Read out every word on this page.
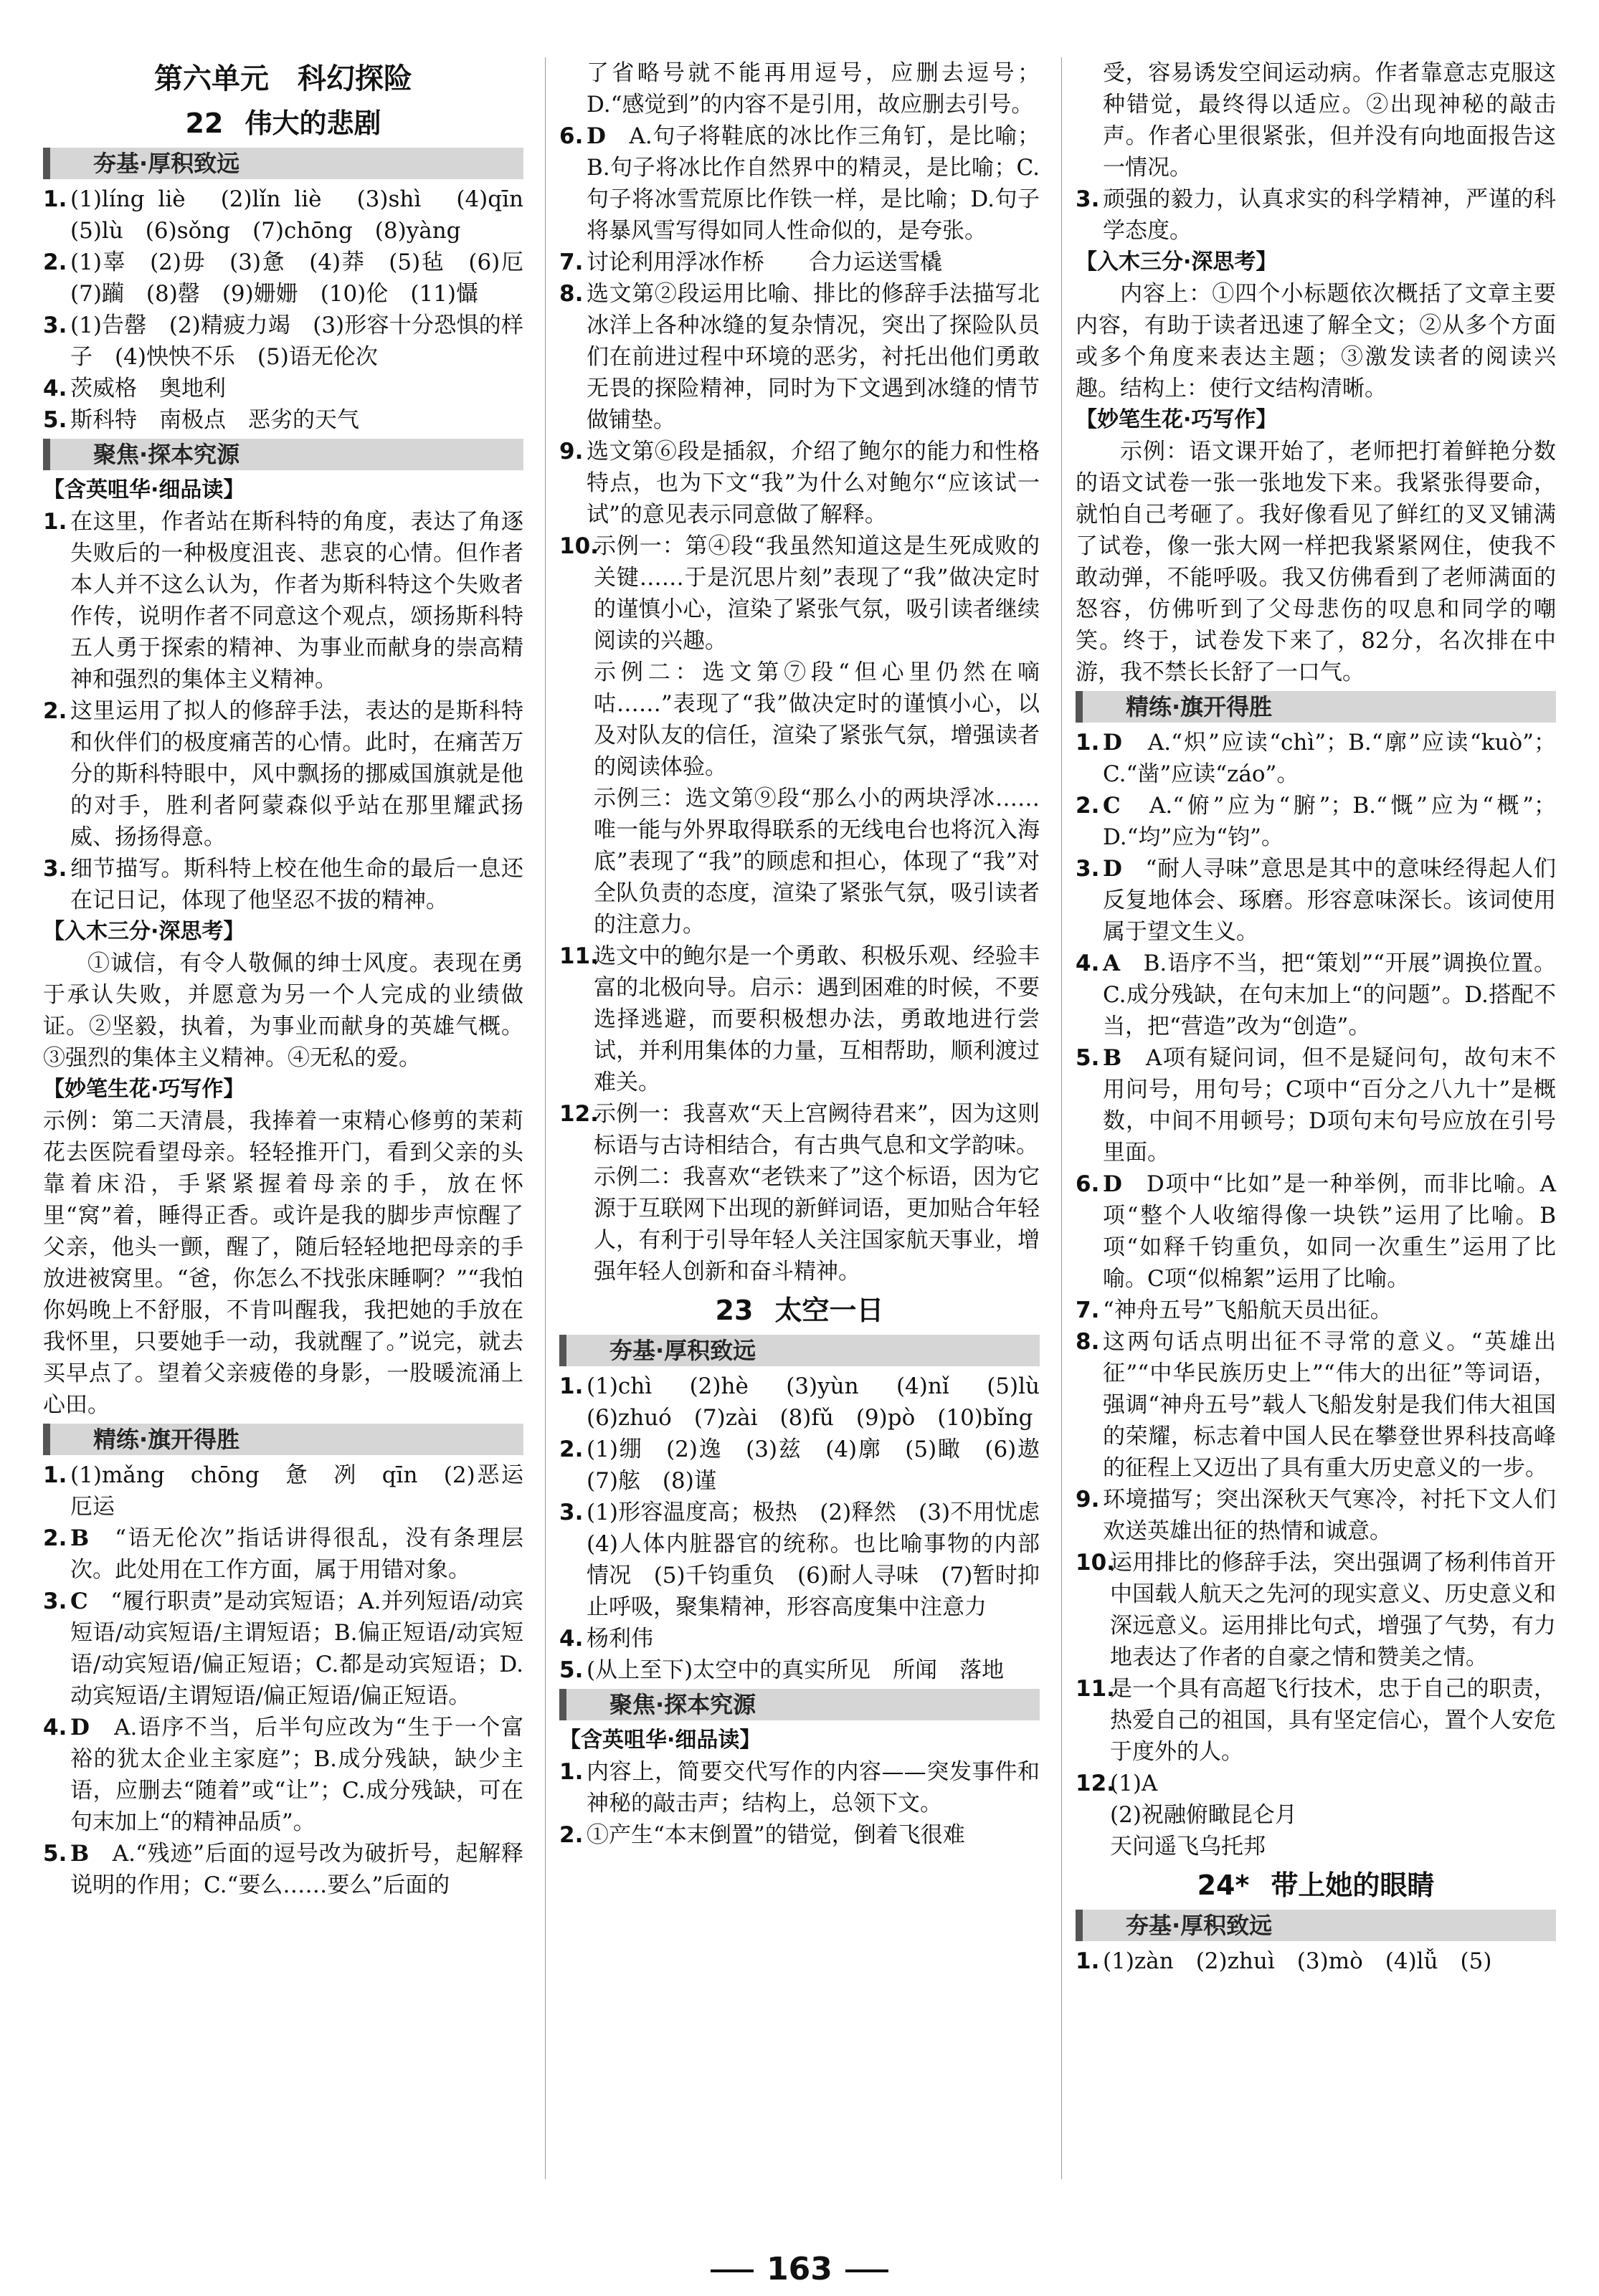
第六单元　科幻探险
22 伟大的悲剧
夯基·厚积致远
1. (1)líng liè　(2)lǐn liè　(3)shì　(4)qīn　(5)lù　(6)sǒng　(7)chōng　(8)yàng
2. (1)辜　(2)毋　(3)惫　(4)莽　(5)毡　(6)厄　(7)躏　(8)罄　(9)姗姗　(10)伦　(11)懾
3. (1)告罄　(2)精疲力竭　(3)形容十分恐惧的样子　(4)怏怏不乐　(5)语无伦次
4. 茨威格　奥地利
5. 斯科特　南极点　恶劣的天气
聚焦·探本究源
【含英咀华·细品读】
1. 在这里，作者站在斯科特的角度，表达了角逐失败后的一种极度沮丧、悲哀的心情。但作者本人并不这么认为，作者为斯科特这个失败者作传，说明作者不同意这个观点，颂扬斯科特五人勇于探索的精神、为事业而献身的崇高精神和强烈的集体主义精神。
2. 这里运用了拟人的修辞手法，表达的是斯科特和伙伴们的极度痛苦的心情。此时，在痛苦万分的斯科特眼中，风中飘扬的挪威国旗就是他的对手，胜利者阿蒙森似乎站在那里耀武扬威、扬扬得意。
3. 细节描写。斯科特上校在他生命的最后一息还在记日记，体现了他坚忍不拔的精神。
【入木三分·深思考】
①诚信，有令人敬佩的绅士风度。表现在勇于承认失败，并愿意为另一个人完成的业绩做证。②坚毅，执着，为事业而献身的英雄气概。③强烈的集体主义精神。④无私的爱。
【妙笔生花·巧写作】
示例：第二天清晨，我捧着一束精心修剪的茉莉花去医院看望母亲。轻轻推开门，看到父亲的头靠着床沿，手紧紧握着母亲的手，放在怀里“窝”着，睡得正香。或许是我的脚步声惊醒了父亲，他头一颤，醒了，随后轻轻地把母亲的手放进被窝里。“爸，你怎么不找张床睡啊？”“我怕你妈晚上不舒服，不肯叫醒我，我把她的手放在我怀里，只要她手一动，我就醒了。”说完，就去买早点了。望着父亲疲倦的身影，一股暖流涌上心田。
精练·旗开得胜
1. (1)mǎng　chōng　惫　冽　qīn　(2)恶运　厄运
2. B　 “语无伦次”指话讲得很乱，没有条理层次。此处用在工作方面，属于用错对象。
3. C　 “履行职责”是动宾短语；A.并列短语/动宾短语/动宾短语/主谓短语；B.偏正短语/动宾短语/动宾短语/偏正短语；C.都是动宾短语；D.动宾短语/主谓短语/偏正短语/偏正短语。
4. D　 A.语序不当，后半句应改为“生于一个富裕的犹太企业主家庭”；B.成分残缺，缺少主语，应删去“随着”或“让”；C.成分残缺，可在句末加上“的精神品质”。
5. B　 A.“残迹”后面的逗号改为破折号，起解释说明的作用；C.“要么……要么”后面的
了省略号就不能再用逗号，应删去逗号；D.“感觉到”的内容不是引用，故应删去引号。
6. D　 A.句子将鞋底的冰比作三角钉，是比喻；B.句子将冰比作自然界中的精灵，是比喻；C.句子将冰雪荒原比作铁一样，是比喻；D.句子将暴风雪写得如同人性命似的，是夸张。
7. 讨论利用浮冰作桥　　合力运送雪橇
8. 选文第②段运用比喻、排比的修辞手法描写北冰洋上各种冰缝的复杂情况，突出了探险队员们在前进过程中环境的恶劣，衬托出他们勇敢无畏的探险精神，同时为下文遇到冰缝的情节做铺垫。
9. 选文第⑥段是插叙，介绍了鲍尔的能力和性格特点，也为下文“我”为什么对鲍尔“应该试一试”的意见表示同意做了解释。
10.
示例一：第④段“我虽然知道这是生死成败的关键……于是沉思片刻”表现了“我”做决定时的谨慎小心，渲染了紧张气氛，吸引读者继续阅读的兴趣。
示例二：选文第⑦段“但心里仍然在嘀咕……”表现了“我”做决定时的谨慎小心，以及对队友的信任，渲染了紧张气氛，增强读者的阅读体验。
示例三：选文第⑨段“那么小的两块浮冰……唯一能与外界取得联系的无线电台也将沉入海底”表现了“我”的顾虑和担心，体现了“我”对全队负责的态度，渲染了紧张气氛，吸引读者的注意力。
11.
选文中的鲍尔是一个勇敢、积极乐观、经验丰富的北极向导。启示：遇到困难的时候，不要选择逃避，而要积极想办法，勇敢地进行尝试，并利用集体的力量，互相帮助，顺利渡过难关。
12.
示例一：我喜欢“天上宫阙待君来”，因为这则标语与古诗相结合，有古典气息和文学韵味。
示例二：我喜欢“老铁来了”这个标语，因为它源于互联网下出现的新鲜词语，更加贴合年轻人，有利于引导年轻人关注国家航天事业，增强年轻人创新和奋斗精神。
23 太空一日
夯基·厚积致远
1. (1)chì　(2)hè　(3)yùn　(4)nǐ　(5)lù　(6)zhuó　(7)zài　(8)fǔ　(9)pò　(10)bǐng
2. (1)绷　(2)逸　(3)兹　(4)廓　(5)瞰　(6)遨　(7)舷　(8)谨
3. (1)形容温度高；极热　(2)释然　(3)不用忧虑　(4)人体内脏器官的统称。也比喻事物的内部情况　(5)千钧重负　(6)耐人寻味　(7)暂时抑止呼吸，聚集精神，形容高度集中注意力
4. 杨利伟
5. (从上至下)太空中的真实所见　所闻　落地
聚焦·探本究源
【含英咀华·细品读】
1. 内容上，简要交代写作的内容——突发事件和神秘的敲击声；结构上，总领下文。
2. ①产生“本末倒置”的错觉，倒着飞很难
受，容易诱发空间运动病。作者靠意志克服这种错觉，最终得以适应。②出现神秘的敲击声。作者心里很紧张，但并没有向地面报告这一情况。
3. 顽强的毅力，认真求实的科学精神，严谨的科学态度。
【入木三分·深思考】
内容上：①四个小标题依次概括了文章主要内容，有助于读者迅速了解全文；②从多个方面或多个角度来表达主题；③激发读者的阅读兴趣。结构上：使行文结构清晰。
【妙笔生花·巧写作】
示例：语文课开始了，老师把打着鲜艳分数的语文试卷一张一张地发下来。我紧张得要命，就怕自己考砸了。我好像看见了鲜红的叉叉铺满了试卷，像一张大网一样把我紧紧网住，使我不敢动弹，不能呼吸。我又仿佛看到了老师满面的怒容，仿佛听到了父母悲伤的叹息和同学的嘲笑。终于，试卷发下来了，82分，名次排在中游，我不禁长长舒了一口气。
精练·旗开得胜
1. D　 A.“炽”应读“chì”；B.“廓”应读“kuò”；C.“凿”应读“záo”。
2. C　 A.“俯”应为“腑”；B.“慨”应为“概”；D.“均”应为“钧”。
3. D　 “耐人寻味”意思是其中的意味经得起人们反复地体会、琢磨。形容意味深长。该词使用属于望文生义。
4. A　 B.语序不当，把“策划”“开展”调换位置。C.成分残缺，在句末加上“的问题”。D.搭配不当，把“营造”改为“创造”。
5. B　 A项有疑问词，但不是疑问句，故句末不用问号，用句号；C项中“百分之八九十”是概数，中间不用顿号；D项句末句号应放在引号里面。
6. D　 D项中“比如”是一种举例，而非比喻。A项“整个人收缩得像一块铁”运用了比喻。B项“如释千钧重负，如同一次重生”运用了比喻。C项“似棉絮”运用了比喻。
7. “神舟五号”飞船航天员出征。
8. 这两句话点明出征不寻常的意义。“英雄出征”“中华民族历史上”“伟大的出征”等词语，强调“神舟五号”载人飞船发射是我们伟大祖国的荣耀，标志着中国人民在攀登世界科技高峰的征程上又迈出了具有重大历史意义的一步。
9. 环境描写；突出深秋天气寒冷，衬托下文人们欢送英雄出征的热情和诚意。
10.
运用排比的修辞手法，突出强调了杨利伟首开中国载人航天之先河的现实意义、历史意义和深远意义。运用排比句式，增强了气势，有力地表达了作者的自豪之情和赞美之情。
11.
是一个具有高超飞行技术，忠于自己的职责，热爱自己的祖国，具有坚定信心，置个人安危于度外的人。
12.
(1)A
(2)祝融俯瞰昆仑月
天问遥飞乌托邦
24* 带上她的眼睛
夯基·厚积致远
1. (1)zàn　(2)zhuì　(3)mò　(4)lǚ　(5)
163
